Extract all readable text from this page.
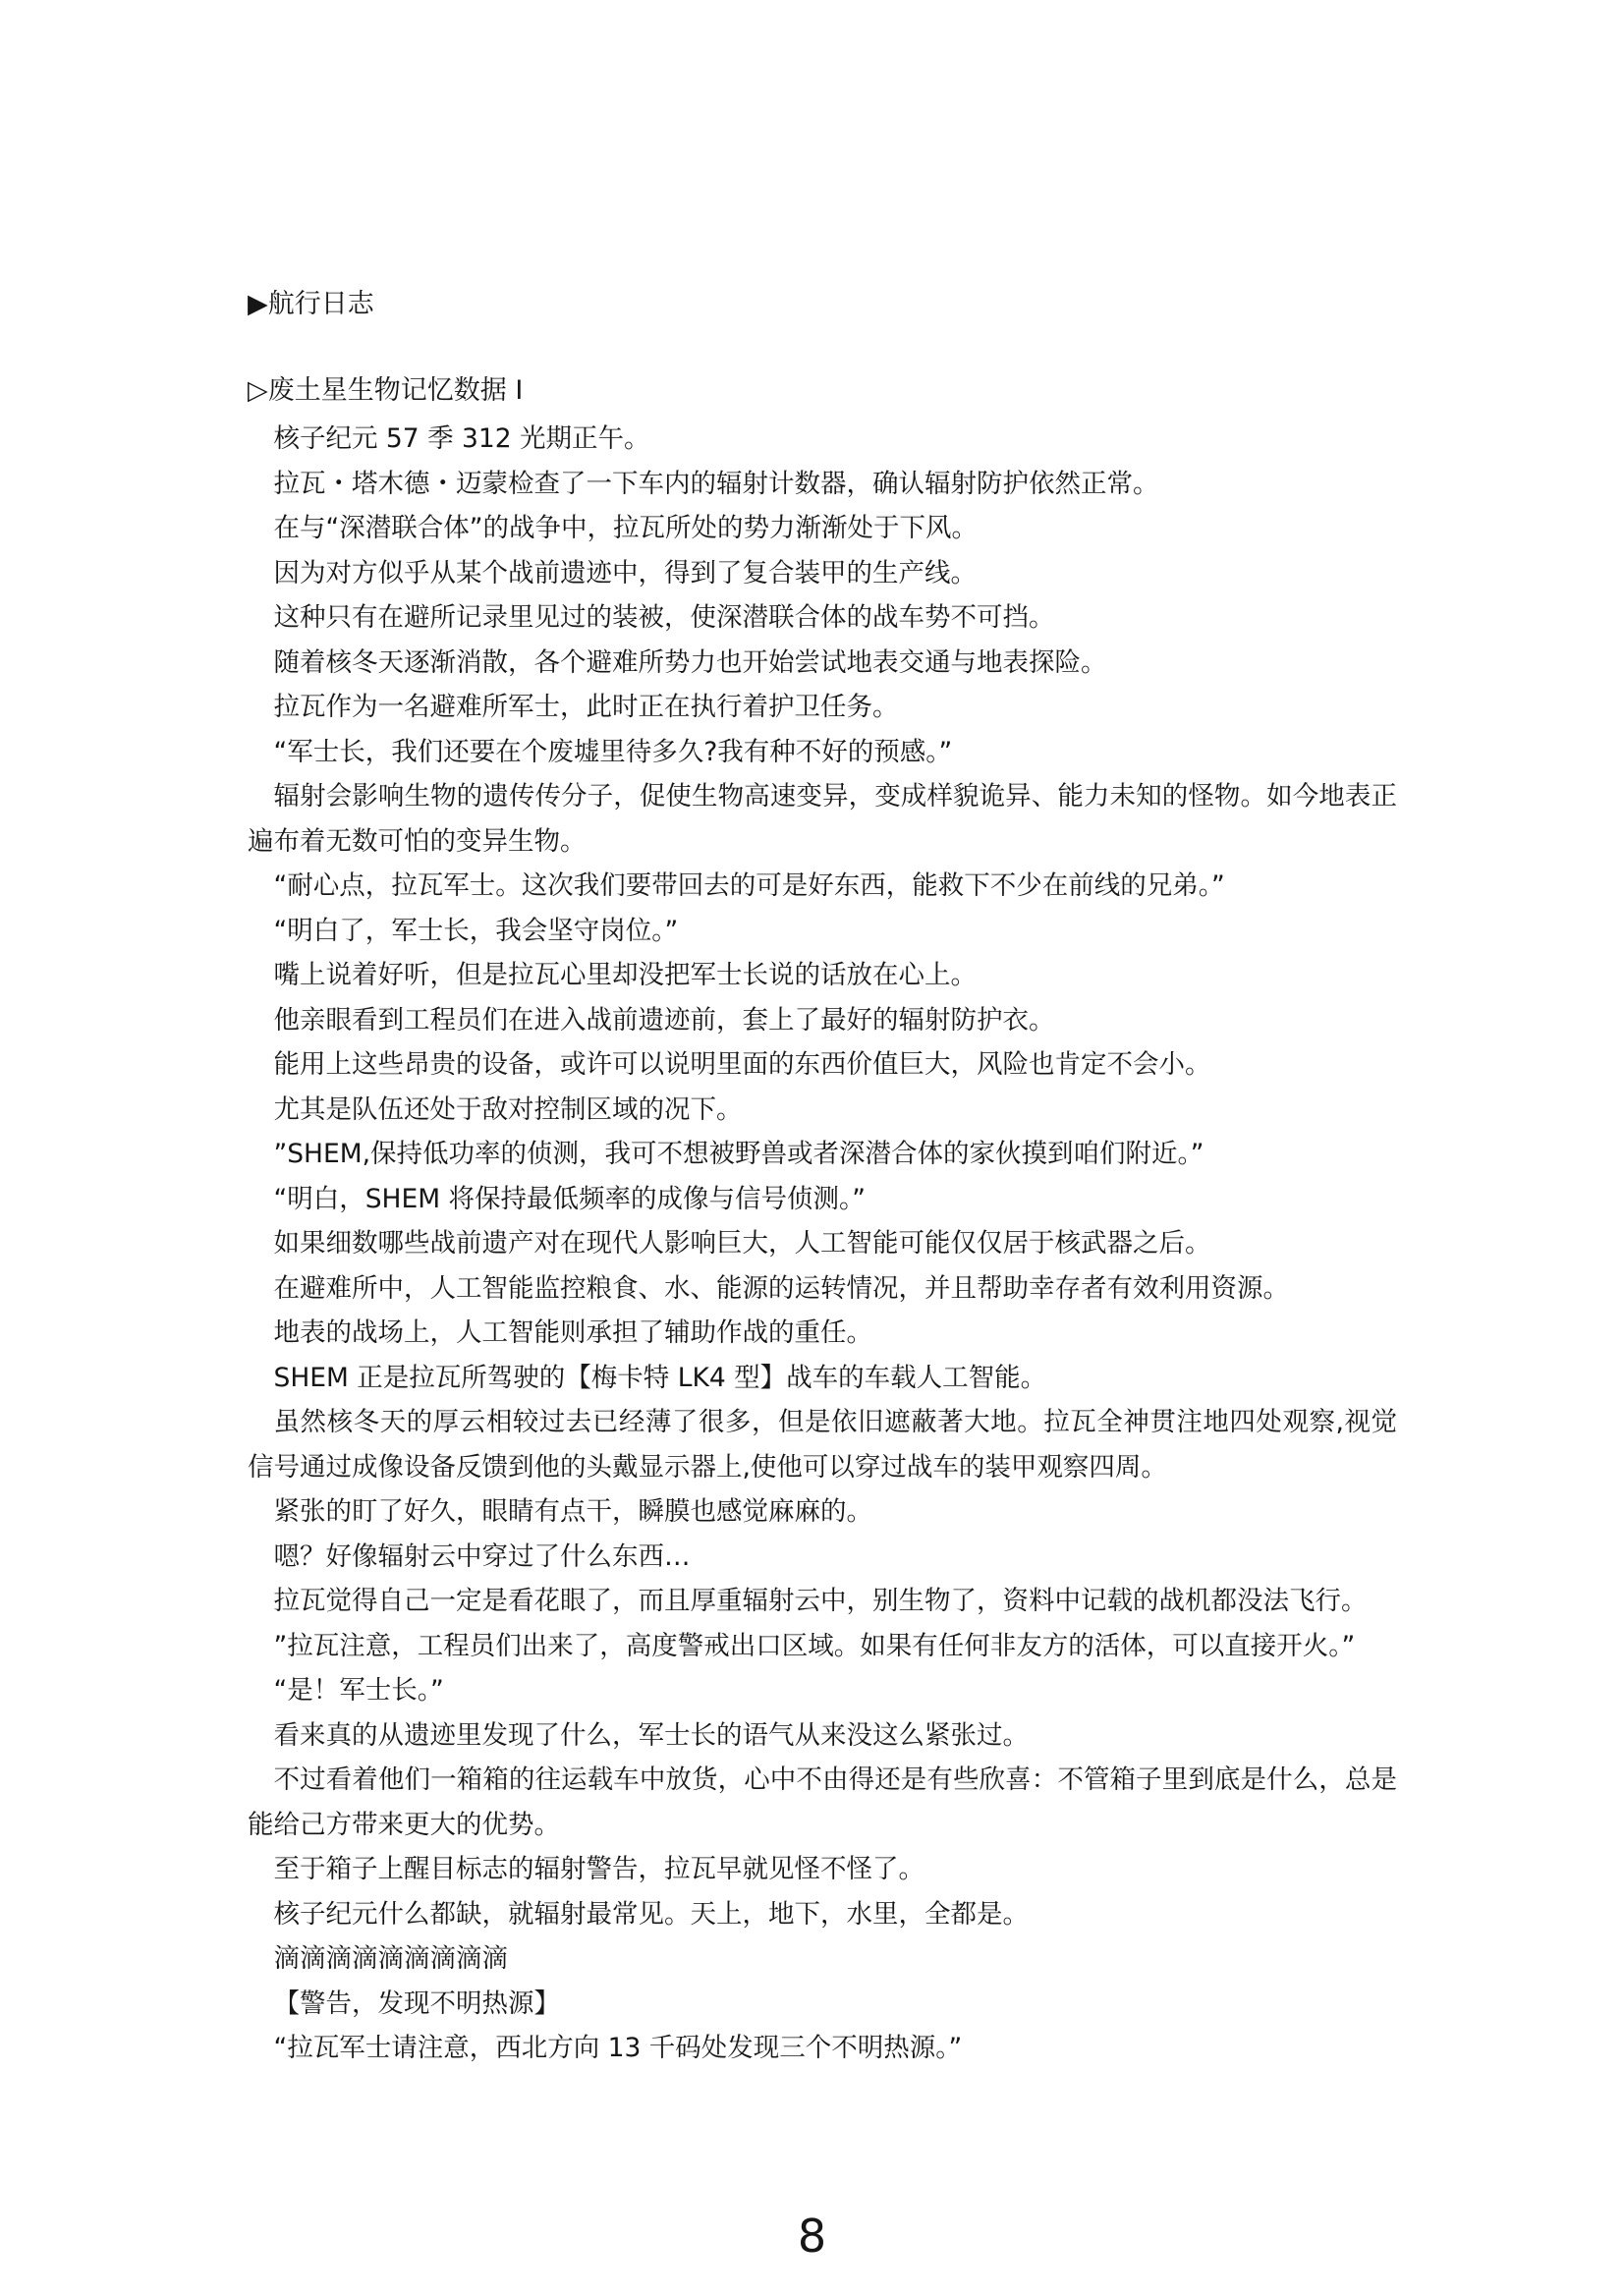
▶航行日志
▷废土星生物记忆数据 I

核子纪元 57 季 312 光期正午。

拉瓦・塔木德・迈蒙检查了一下车内的辐射计数器，确认辐射防护依然正常。

在与“深潜联合体”的战争中，拉瓦所处的势力渐渐处于下风。

因为对方似乎从某个战前遗迹中，得到了复合装甲的生产线。

这种只有在避所记录里见过的装被，使深潜联合体的战车势不可挡。

随着核冬天逐渐消散，各个避难所势力也开始尝试地表交通与地表探险。

拉瓦作为一名避难所军士，此时正在执行着护卫任务。

“军士长，我们还要在个废墟里待多久?我有种不好的预感。”

辐射会影响生物的遗传传分子，促使生物高速变异，变成样貌诡异、能力未知的怪物。如今地表正遍布着无数可怕的变异生物。

“耐心点，拉瓦军士。这次我们要带回去的可是好东西，能救下不少在前线的兄弟。”

“明白了，军士长，我会坚守岗位。”

嘴上说着好听，但是拉瓦心里却没把军士长说的话放在心上。

他亲眼看到工程员们在进入战前遗迹前，套上了最好的辐射防护衣。

能用上这些昂贵的设备，或许可以说明里面的东西价值巨大，风险也肯定不会小。

尤其是队伍还处于敌对控制区域的况下。

”SHEM,保持低功率的侦测，我可不想被野兽或者深潜合体的家伙摸到咱们附近。”

“明白，SHEM 将保持最低频率的成像与信号侦测。”

如果细数哪些战前遗产对在现代人影响巨大，人工智能可能仅仅居于核武器之后。

在避难所中，人工智能监控粮食、水、能源的运转情况，并且帮助幸存者有效利用资源。

地表的战场上，人工智能则承担了辅助作战的重任。

SHEM 正是拉瓦所驾驶的【梅卡特 LK4 型】战车的车载人工智能。

虽然核冬天的厚云相较过去已经薄了很多，但是依旧遮蔽著大地。拉瓦全神贯注地四处观察,视觉信号通过成像设备反馈到他的头戴显示器上,使他可以穿过战车的装甲观察四周。

紧张的盯了好久，眼睛有点干，瞬膜也感觉麻麻的。

嗯？好像辐射云中穿过了什么东西…

拉瓦觉得自己一定是看花眼了，而且厚重辐射云中，别生物了，资料中记载的战机都没法飞行。

”拉瓦注意，工程员们出来了，高度警戒出口区域。如果有任何非友方的活体，可以直接开火。”

“是！军士长。”

看来真的从遗迹里发现了什么，军士长的语气从来没这么紧张过。

不过看着他们一箱箱的往运载车中放货，心中不由得还是有些欣喜：不管箱子里到底是什么，总是能给己方带来更大的优势。

至于箱子上醒目标志的辐射警告，拉瓦早就见怪不怪了。

核子纪元什么都缺，就辐射最常见。天上，地下，水里，全都是。

滴滴滴滴滴滴滴滴滴

【警告，发现不明热源】

“拉瓦军士请注意，西北方向 13 千码处发现三个不明热源。”

8
